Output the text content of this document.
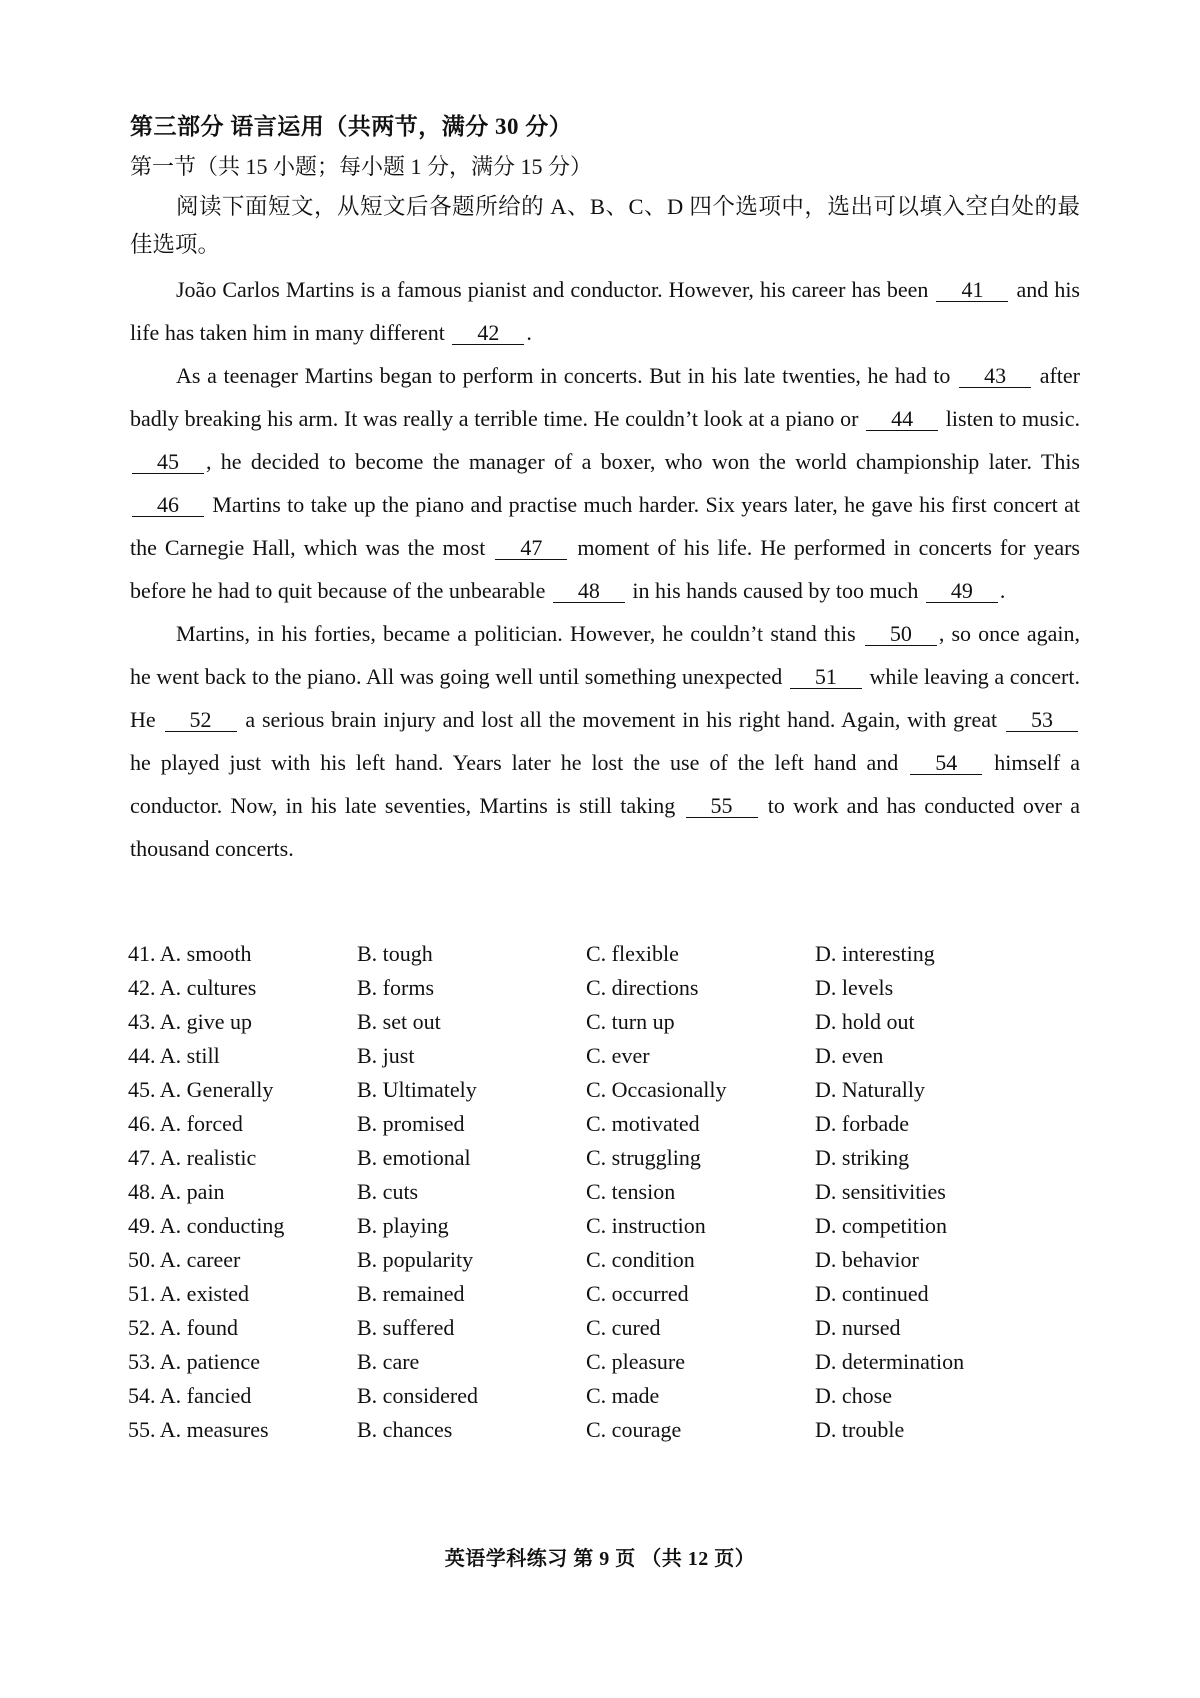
第三部分 语言运用（共两节，满分 30 分）
第一节（共 15 小题；每小题 1 分，满分 15 分）
阅读下面短文，从短文后各题所给的 A、B、C、D 四个选项中，选出可以填入空白处的最佳选项。

João Carlos Martins is a famous pianist and conductor. However, his career has been 41 and his life has taken him in many different 42 .

As a teenager Martins began to perform in concerts. But in his late twenties, he had to 43 after badly breaking his arm. It was really a terrible time. He couldn’t look at a piano or 44 listen to music. 45 , he decided to become the manager of a boxer, who won the world championship later. This 46 Martins to take up the piano and practise much harder. Six years later, he gave his first concert at the Carnegie Hall, which was the most 47 moment of his life. He performed in concerts for years before he had to quit because of the unbearable 48 in his hands caused by too much 49 .

Martins, in his forties, became a politician. However, he couldn’t stand this 50 , so once again, he went back to the piano. All was going well until something unexpected 51 while leaving a concert. He 52 a serious brain injury and lost all the movement in his right hand. Again, with great 53 he played just with his left hand. Years later he lost the use of the left hand and 54 himself a conductor. Now, in his late seventies, Martins is still taking 55 to work and has conducted over a thousand concerts.

41. A. smooth	B. tough	C. flexible	D. interesting
42. A. cultures	B. forms	C. directions	D. levels
43. A. give up	B. set out	C. turn up	D. hold out
44. A. still	B. just	C. ever	D. even
45. A. Generally	B. Ultimately	C. Occasionally	D. Naturally
46. A. forced	B. promised	C. motivated	D. forbade
47. A. realistic	B. emotional	C. struggling	D. striking
48. A. pain	B. cuts	C. tension	D. sensitivities
49. A. conducting	B. playing	C. instruction	D. competition
50. A. career	B. popularity	C. condition	D. behavior
51. A. existed	B. remained	C. occurred	D. continued
52. A. found	B. suffered	C. cured	D. nursed
53. A. patience	B. care	C. pleasure	D. determination
54. A. fancied	B. considered	C. made	D. chose
55. A. measures	B. chances	C. courage	D. trouble
英语学科练习 第 9 页 （共 12 页）
